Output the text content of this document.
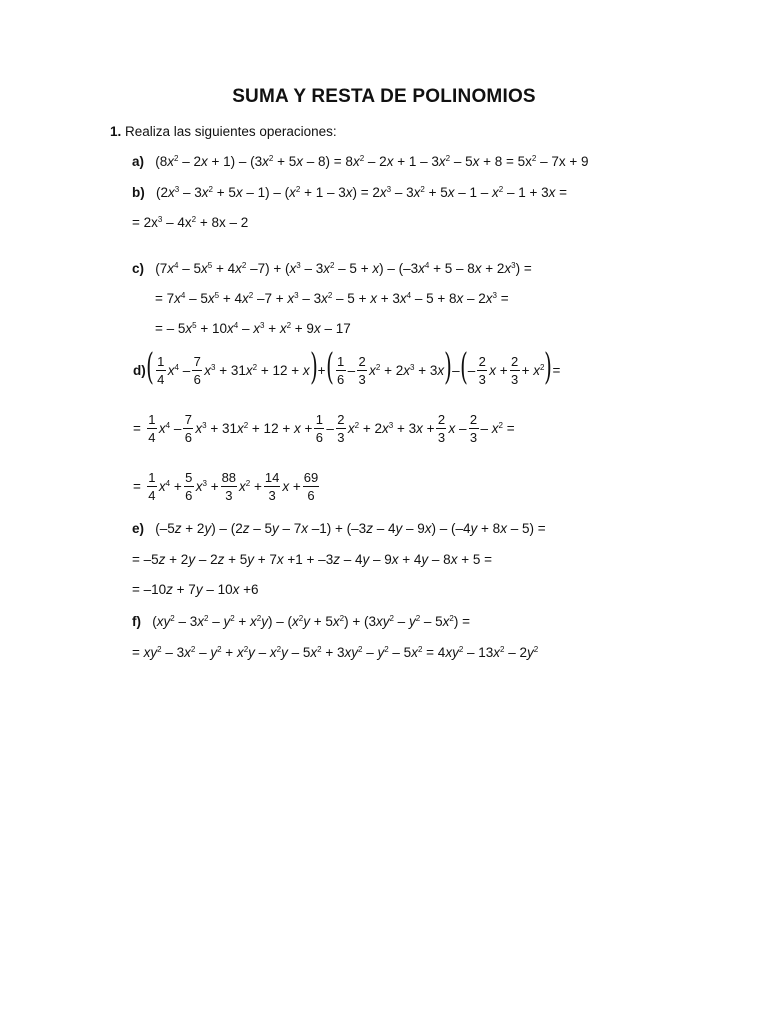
SUMA Y RESTA DE POLINOMIOS
1. Realiza las siguientes operaciones:
a)   $(8x^2 - 2x + 1) - (3x^2 + 5x - 8) = 8x^2 - 2x + 1 - 3x^2 - 5x + 8 = 5x^2 - 7x + 9$
b)   $(2x^3 - 3x^2 + 5x - 1) - (x^2 + 1 - 3x) = 2x^3 - 3x^2 + 5x - 1 - x^2 - 1 + 3x$ =
= $2x^3 - 4x^2 + 8x - 2$
c)   ($7x^4 - 5x^5 + 4x^2$ $-7) + (x^3 - 3x^2 - 5 + x) - (-3x^4 + 5 - 8x + 2x^3)$ =
= $7x^4 - 5x^5 + 4x^2$ $-7 + x^3 - 3x^2 - 5 + x + 3x^4 - 5 + 8x - 2x^3$ =
= – $5x^5 + 10x^4 - x^3 + x^2 + 9x - 17$
d) ( $\frac{1}{4} x^4 - \frac{7}{6} x^3 + 31x^2 + 12 + x$ ) + ( $\frac{1}{6} - \frac{2}{3} x^2 + 2x^3 + 3x$ ) – ( – $\frac{2}{3}$ $x + \frac{2}{3} + x^2$ ) =
= $\frac{1}{4} x^4 - \frac{7}{6} x^3 + 31x^2 + 12 + x + \frac{1}{6} - \frac{2}{3} x^2 + 2x^3 + 3x + \frac{2}{3}$ x – $\frac{2}{3} - x^2$ =
= $\frac{1}{4} x^4 + \frac{5}{6} x^3 + \frac{88}{3} x^2 + \frac{14}{3}$ $x + \frac{69}{6}$
e)   (–5z + 2y) – (2z – 5y – 7x –1) + (–3z – 4y – 9x) – (–4y + 8x – 5) =
= –5z + 2y – 2z + 5y + 7x +1 + –3z – 4y – 9x + 4y – 8x + 5 =
= –10z + 7y – 10x +6
f)   $(xy^2 - 3x^2 - y^2 + x^2y) - (x^2y + 5x^2) + (3xy^2 - y^2 - 5x^2)$ =
= $xy^2 - 3x^2 - y^2 + x^2y - x^2y - 5x^2 + 3xy^2 - y^2 - 5x^2 = 4xy^2 - 13x^2 - 2y^2$
